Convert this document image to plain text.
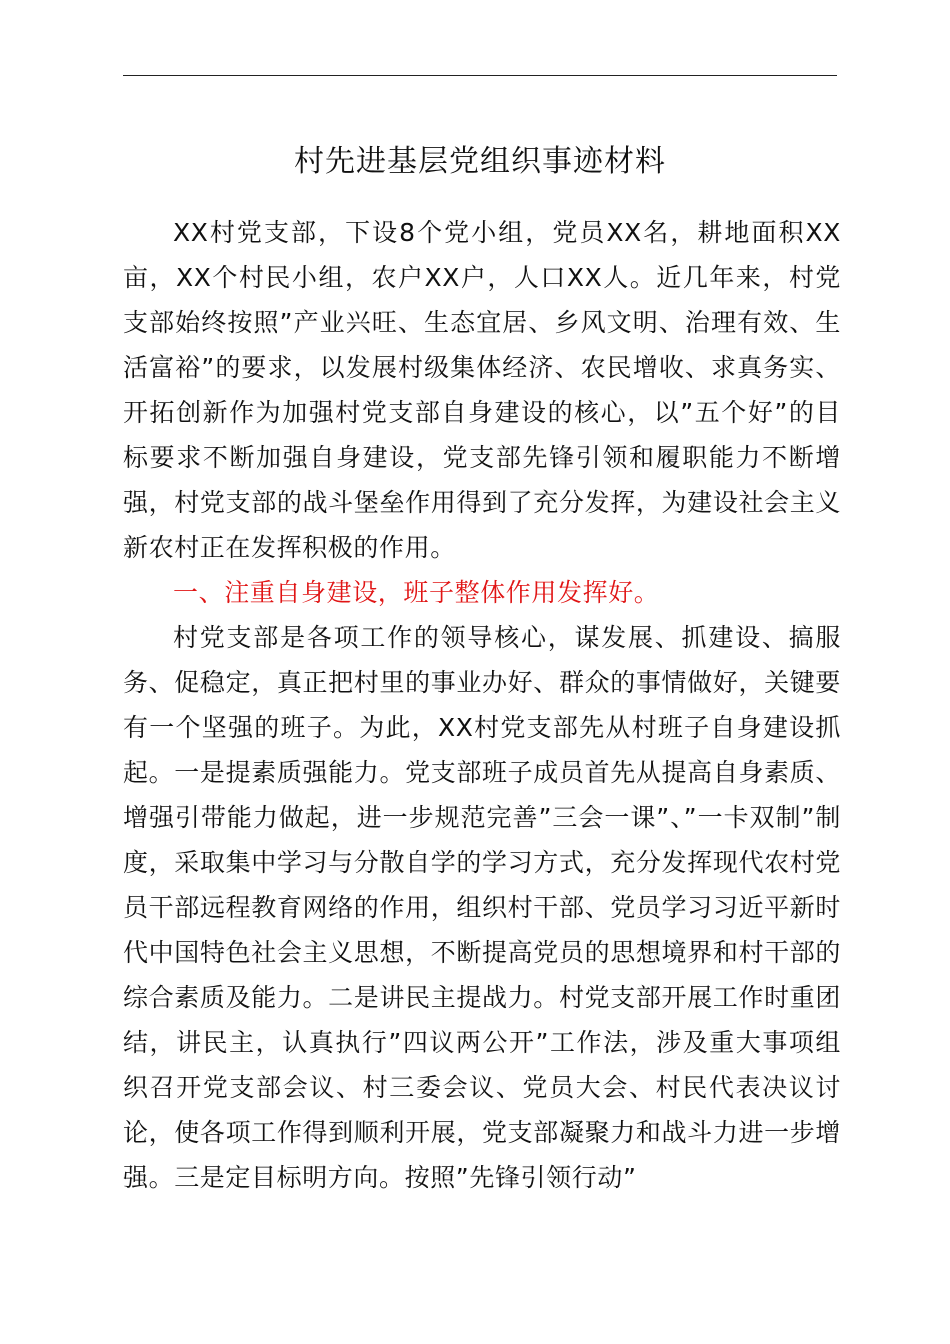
村先进基层党组织事迹材料

XX村党支部，下设8个党小组，党员XX名，耕地面积XX亩，XX个村民小组，农户XX户，人口XX人。近几年来，村党支部始终按照”产业兴旺、生态宜居、乡风文明、治理有效、生活富裕”的要求，以发展村级集体经济、农民增收、求真务实、开拓创新作为加强村党支部自身建设的核心，以”五个好”的目标要求不断加强自身建设，党支部先锋引领和履职能力不断增强，村党支部的战斗堡垒作用得到了充分发挥，为建设社会主义新农村正在发挥积极的作用。

一、注重自身建设，班子整体作用发挥好。

村党支部是各项工作的领导核心，谋发展、抓建设、搞服务、促稳定，真正把村里的事业办好、群众的事情做好，关键要有一个坚强的班子。为此，XX村党支部先从村班子自身建设抓起。一是提素质强能力。党支部班子成员首先从提高自身素质、增强引带能力做起，进一步规范完善”三会一课”、”一卡双制”制度，采取集中学习与分散自学的学习方式，充分发挥现代农村党员干部远程教育网络的作用，组织村干部、党员学习习近平新时代中国特色社会主义思想，不断提高党员的思想境界和村干部的综合素质及能力。二是讲民主提战力。村党支部开展工作时重团结，讲民主，认真执行”四议两公开”工作法，涉及重大事项组织召开党支部会议、村三委会议、党员大会、村民代表决议讨论，使各项工作得到顺利开展，党支部凝聚力和战斗力进一步增强。三是定目标明方向。按照”先锋引领行动”
